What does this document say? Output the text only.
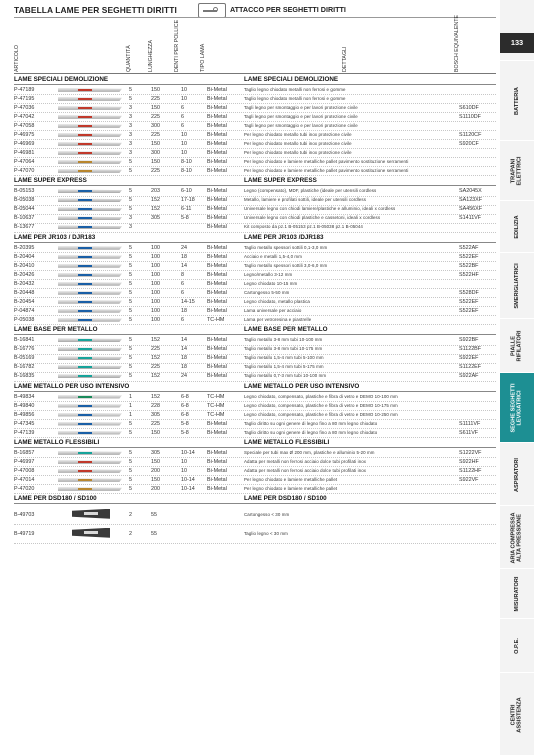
TABELLA LAME PER SEGHETTI DIRITTI	ATTACCO PER SEGHETTI DIRITTI
ARTICOLO	QUANTITÀ	LUNGHEZZA	DENTI PER POLLICE	TIPO LAMA	DETTAGLI	BOSCH EQUIVALENTE
LAME SPECIALI DEMOLIZIONE	LAME SPECIALI DEMOLIZIONE
P-47189	5	150	10	Bi-Metal	Taglio legno chiodato metalli non ferrosi e gomme
P-47195	5	225	10	Bi-Metal	Taglio legno chiodato metalli non ferrosi e gomme
P-47036	3	150	6	Bi-Metal	Tagli legno per smontaggio e per lavori protezione civile	S610DF
P-47042	3	225	6	Bi-Metal	Tagli legno per smontaggio e per lavori protezione civile	S1110DF
P-47058	3	300	6	Bi-Metal	Tagli legno per smontaggio e per lavori protezione civile
P-46975	3	225	10	Bi-Metal	Per legno chiodato metallo tubi inox protezione civile	S1120CF
P-46969	3	150	10	Bi-Metal	Per legno chiodato metallo tubi inox protezione civile	S920CF
P-46981	3	300	10	Bi-Metal	Per legno chiodato metallo tubi inox protezione civile
P-47064	5	150	8-10	Bi-Metal	Per legno chiodato e lamiere metalliche pallet pavimento sostituzione serramenti
P-47070	5	225	8-10	Bi-Metal	Per legno chiodato e lamiere metalliche pallet pavimento sostituzione serramenti
LAME SUPER EXPRESS	LAME SUPER EXPRESS
B-05153	5	203	6-10	Bi-Metal	Legno (compensato), MDF, plastiche (ideale per utensili cordless	SA2045X
B-05038	5	152	17-18 Bi-Metal	Metallo, lamiere e profilati sottili, ideale per utensili cordless	SA123XF
B-05044	5	152	6-11	Bi-Metal	Universale legno con chiodi lamiere/plastiche e alluminio, ideali x cordless	SA456XF
B-10637	3	305	5-8	Bi-Metal	Universale legno con chiodi plastiche e cassetoni, ideali x cordless	S1411VF
B-13677	3	Bi-Metal	Kit composto da pz.1 B-05153 pz.1 B-05038 pz.1 B-05044
LAME PER JR103 / DJR183	LAME PER JR103 /DJR183
B-20395	5	100	24	Bi-Metal	Taglio metallo spessori sottili 0,1-3,0 mm	S522AF
B-20404	5	100	18	Bi-Metal	Acciaio e metalli 1,5-4,0 mm	S522EF
B-20410	5	100	14	Bi-Metal	Taglio metallo spessori sottili 3,0-6,0 mm	S522BF
B-20426	5	100	8	Bi-Metal	Legno/metallo 3-12 mm	S522HF
B-20432	5	100	6	Bi-Metal	Legno chiodato 10-15 mm
B-20448	5	100	6	Bi-Metal	Cartongesso 5-50 mm	S528DF
B-20454	5	100	14-15 Bi-Metal	Legno chiodato, metallo plastica	S522EF
P-04874	5	100	18	Bi-Metal	Lama universale per acciaio	S522EF
P-05038	5	100	6	TC-HM	Lama per vetroresina e piastrelle
LAME BASE PER METALLO	LAME BASE PER METALLO
B-16841	5	152	14	Bi-Metal	Taglio metallo 3-8 mm tubi 10-100 mm	S922BF
B-16776	5	225	14	Bi-Metal	Taglio metallo 3-8 mm tubi 10-175 mm	S1122BF
B-05169	5	152	18	Bi-Metal	Taglio metallo 1,5-4 mm tubi 5-100 mm	S922EF
B-16782	5	225	18	Bi-Metal	Taglio metallo 1,5-4 mm tubi 5-175 mm	S1122EF
B-16835	5	152	24	Bi-Metal	Taglio metallo 0,7-3 mm tubi 10-100 mm	S922AF
LAME METALLO PER USO INTENSIVO	LAME METALLO PER USO INTENSIVO
B-49834	1	152	6-8	TC-HM	Legno chiodato, compensato, plastiche e fibra di vetro e DEMO 10-100 mm
B-49840	1	228	6-8	TC-HM	Legno chiodato, compensato, plastiche e fibra di vetro e DEMO 10-175 mm
B-49856	1	305	6-8	TC-HM	Legno chiodato, compensato, plastiche e fibra di vetro e DEMO 10-250 mm
P-47345	5	225	5-8	Bi-Metal	Taglio diritto su ogni genere di legno fino a 80 mm legno chiodato	S1111VF
P-47139	5	150	5-8	Bi-Metal	Taglio diritto su ogni genere di legno fino a 80 mm legno chiodato	S611VF
LAME METALLO FLESSIBILI	LAME METALLO FLESSIBILI
B-16857	5	305	10-14 Bi-Metal	Speciale per tubi max Ø 200 mm, plastiche e alluminio 5-20 mm	S1222VF
P-46997	5	150	10	Bi-Metal	Adatta per metalli non ferrosi acciaio dolce tubi profilati inox	S922HF
P-47008	5	200	10	Bi-Metal	Adatta per metalli non ferrosi acciaio dolce tubi profilati inox	S1122HF
P-47014	5	150	10-14 Bi-Metal	Per legno chiodato e lamiere metalliche pallet	S922VF
P-47020	5	200	10-14 Bi-Metal	Per legno chiodato e lamiere metalliche pallet
LAME PER DSD180 / SD100	LAME PER DSD180 / SD100
B-49703	2	55	Cartongesso < 30 mm
B-49719	2	55	Taglio legno < 30 mm
133
BATTERIA
TRAPANI
ELETTRICI
EDILIZIA
SMERIGLIATRICI
PIALLE
RIFILATORI
SEGHE SEGHETTI
LEVIGATRICI
ASPIRATORI
ARIA COMPRESSA
ALTA PRESSIONE
MISURATORI
O.P.E.
CENTRI
ASSISTENZA
